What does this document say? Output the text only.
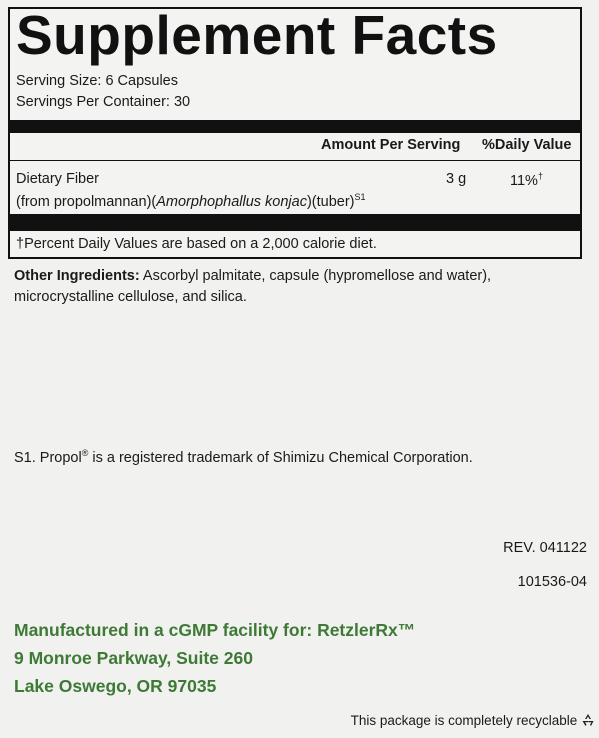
Supplement Facts
Serving Size: 6 Capsules
Servings Per Container: 30
Amount Per Serving %Daily Value
Dietary Fiber	3 g	11%†
(from propolmannan)(Amorphophallus konjac)(tuber)$^{S1}$
†Percent Daily Values are based on a 2,000 calorie diet.
Other Ingredients: Ascorbyl palmitate, capsule (hypromellose and water), microcrystalline cellulose, and silica.
S1. Propol® is a registered trademark of Shimizu Chemical Corporation.
REV. 041122
101536-04
Manufactured in a cGMP facility for: RetzlerRx™
9 Monroe Parkway, Suite 260
Lake Oswego, OR 97035
This package is completely recyclable
